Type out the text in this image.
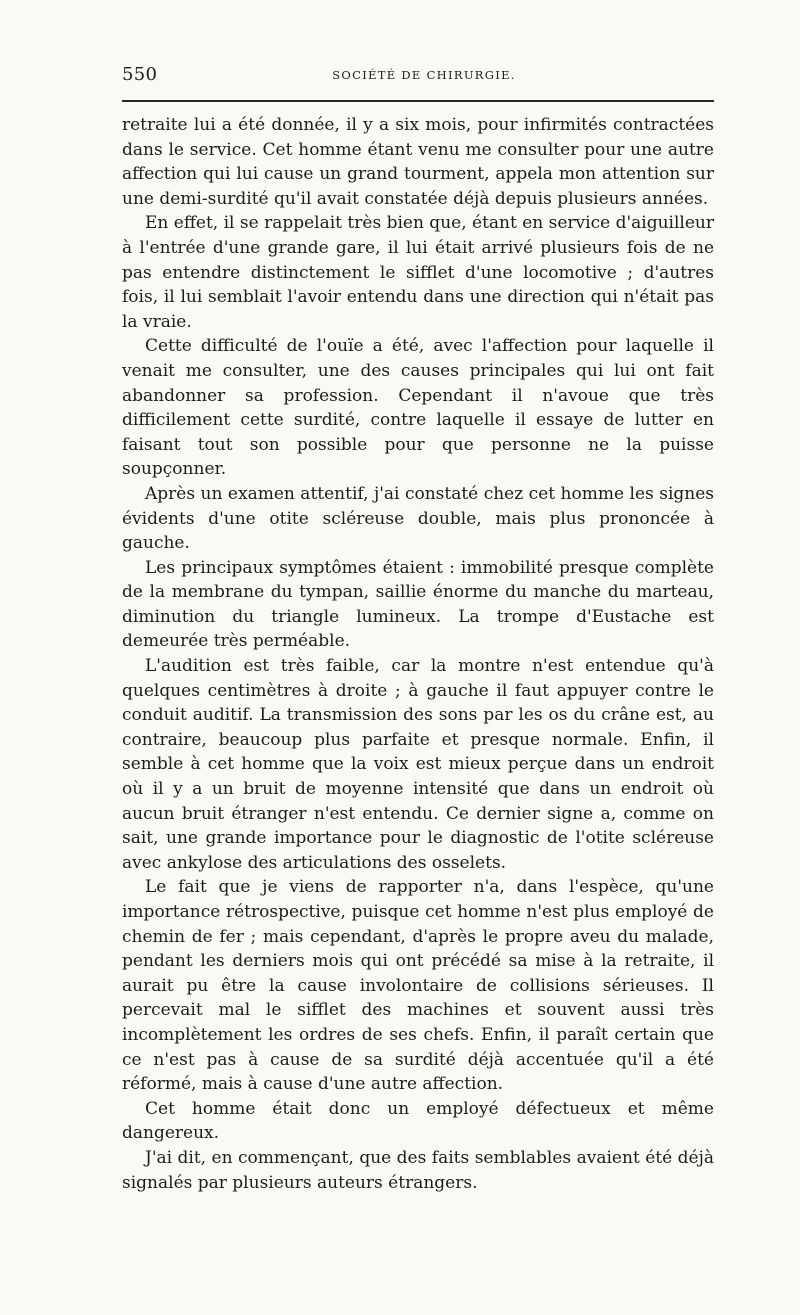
550	SOCIÉTÉ DE CHIRURGIE.

retraite lui a été donnée, il y a six mois, pour infirmités contractées dans le service. Cet homme étant venu me consulter pour une autre affection qui lui cause un grand tourment, appela mon attention sur une demi-surdité qu'il avait constatée déjà depuis plusieurs années.

En effet, il se rappelait très bien que, étant en service d'aiguilleur à l'entrée d'une grande gare, il lui était arrivé plusieurs fois de ne pas entendre distinctement le sifflet d'une locomotive ; d'autres fois, il lui semblait l'avoir entendu dans une direction qui n'était pas la vraie.

Cette difficulté de l'ouïe a été, avec l'affection pour laquelle il venait me consulter, une des causes principales qui lui ont fait abandonner sa profession. Cependant il n'avoue que très difficilement cette surdité, contre laquelle il essaye de lutter en faisant tout son possible pour que personne ne la puisse soupçonner.

Après un examen attentif, j'ai constaté chez cet homme les signes évidents d'une otite scléreuse double, mais plus prononcée à gauche.

Les principaux symptômes étaient : immobilité presque complète de la membrane du tympan, saillie énorme du manche du marteau, diminution du triangle lumineux. La trompe d'Eustache est demeurée très perméable.

L'audition est très faible, car la montre n'est entendue qu'à quelques centimètres à droite ; à gauche il faut appuyer contre le conduit auditif. La transmission des sons par les os du crâne est, au contraire, beaucoup plus parfaite et presque normale. Enfin, il semble à cet homme que la voix est mieux perçue dans un endroit où il y a un bruit de moyenne intensité que dans un endroit où aucun bruit étranger n'est entendu. Ce dernier signe a, comme on sait, une grande importance pour le diagnostic de l'otite scléreuse avec ankylose des articulations des osselets.

Le fait que je viens de rapporter n'a, dans l'espèce, qu'une importance rétrospective, puisque cet homme n'est plus employé de chemin de fer ; mais cependant, d'après le propre aveu du malade, pendant les derniers mois qui ont précédé sa mise à la retraite, il aurait pu être la cause involontaire de collisions sérieuses. Il percevait mal le sifflet des machines et souvent aussi très incomplètement les ordres de ses chefs. Enfin, il paraît certain que ce n'est pas à cause de sa surdité déjà accentuée qu'il a été réformé, mais à cause d'une autre affection.

Cet homme était donc un employé défectueux et même dangereux.

J'ai dit, en commençant, que des faits semblables avaient été déjà signalés par plusieurs auteurs étrangers.
